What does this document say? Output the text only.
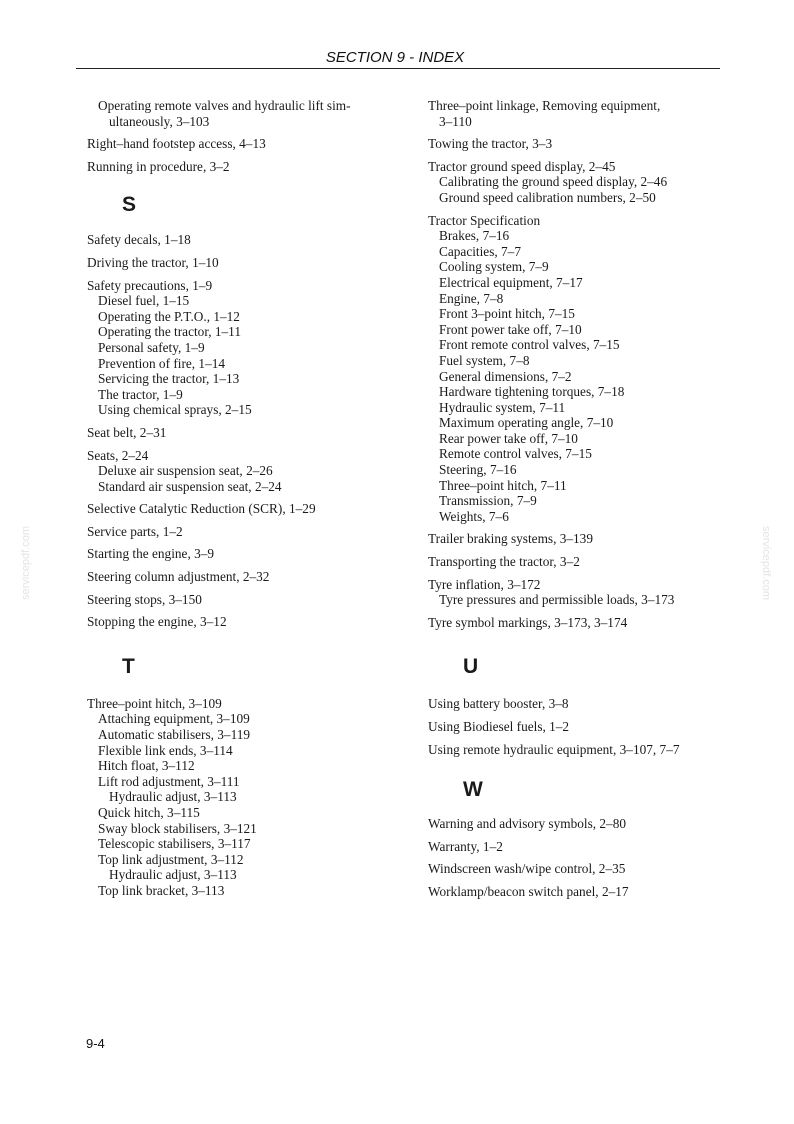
SECTION 9 - INDEX
servicepdf.com	servicepdf.com
Operating remote valves and hydraulic lift sim-
ultaneously, 3–103
Right–hand footstep access, 4–13
Running in procedure, 3–2
S
Safety decals, 1–18
Driving the tractor, 1–10
Safety precautions, 1–9
Diesel fuel, 1–15
Operating the P.T.O., 1–12
Operating the tractor, 1–11
Personal safety, 1–9
Prevention of fire, 1–14
Servicing the tractor, 1–13
The tractor, 1–9
Using chemical sprays, 2–15
Seat belt, 2–31
Seats, 2–24
Deluxe air suspension seat, 2–26
Standard air suspension seat, 2–24
Selective Catalytic Reduction (SCR), 1–29
Service parts, 1–2
Starting the engine, 3–9
Steering column adjustment, 2–32
Steering stops, 3–150
Stopping the engine, 3–12
T
Three–point hitch, 3–109
Attaching equipment, 3–109
Automatic stabilisers, 3–119
Flexible link ends, 3–114
Hitch float, 3–112
Lift rod adjustment, 3–111
Hydraulic adjust, 3–113
Quick hitch, 3–115
Sway block stabilisers, 3–121
Telescopic stabilisers, 3–117
Top link adjustment, 3–112
Hydraulic adjust, 3–113
Top link bracket, 3–113
Three–point linkage, Removing equipment,
3–110
Towing the tractor, 3–3
Tractor ground speed display, 2–45
Calibrating the ground speed display, 2–46
Ground speed calibration numbers, 2–50
Tractor Specification
Brakes, 7–16
Capacities, 7–7
Cooling system, 7–9
Electrical equipment, 7–17
Engine, 7–8
Front 3–point hitch, 7–15
Front power take off, 7–10
Front remote control valves, 7–15
Fuel system, 7–8
General dimensions, 7–2
Hardware tightening torques, 7–18
Hydraulic system, 7–11
Maximum operating angle, 7–10
Rear power take off, 7–10
Remote control valves, 7–15
Steering, 7–16
Three–point hitch, 7–11
Transmission, 7–9
Weights, 7–6
Trailer braking systems, 3–139
Transporting the tractor, 3–2
Tyre inflation, 3–172
Tyre pressures and permissible loads, 3–173
Tyre symbol markings, 3–173, 3–174
U
Using battery booster, 3–8
Using Biodiesel fuels, 1–2
Using remote hydraulic equipment, 3–107, 7–7
W
Warning and advisory symbols, 2–80
Warranty, 1–2
Windscreen wash/wipe control, 2–35
Worklamp/beacon switch panel, 2–17
9-4
